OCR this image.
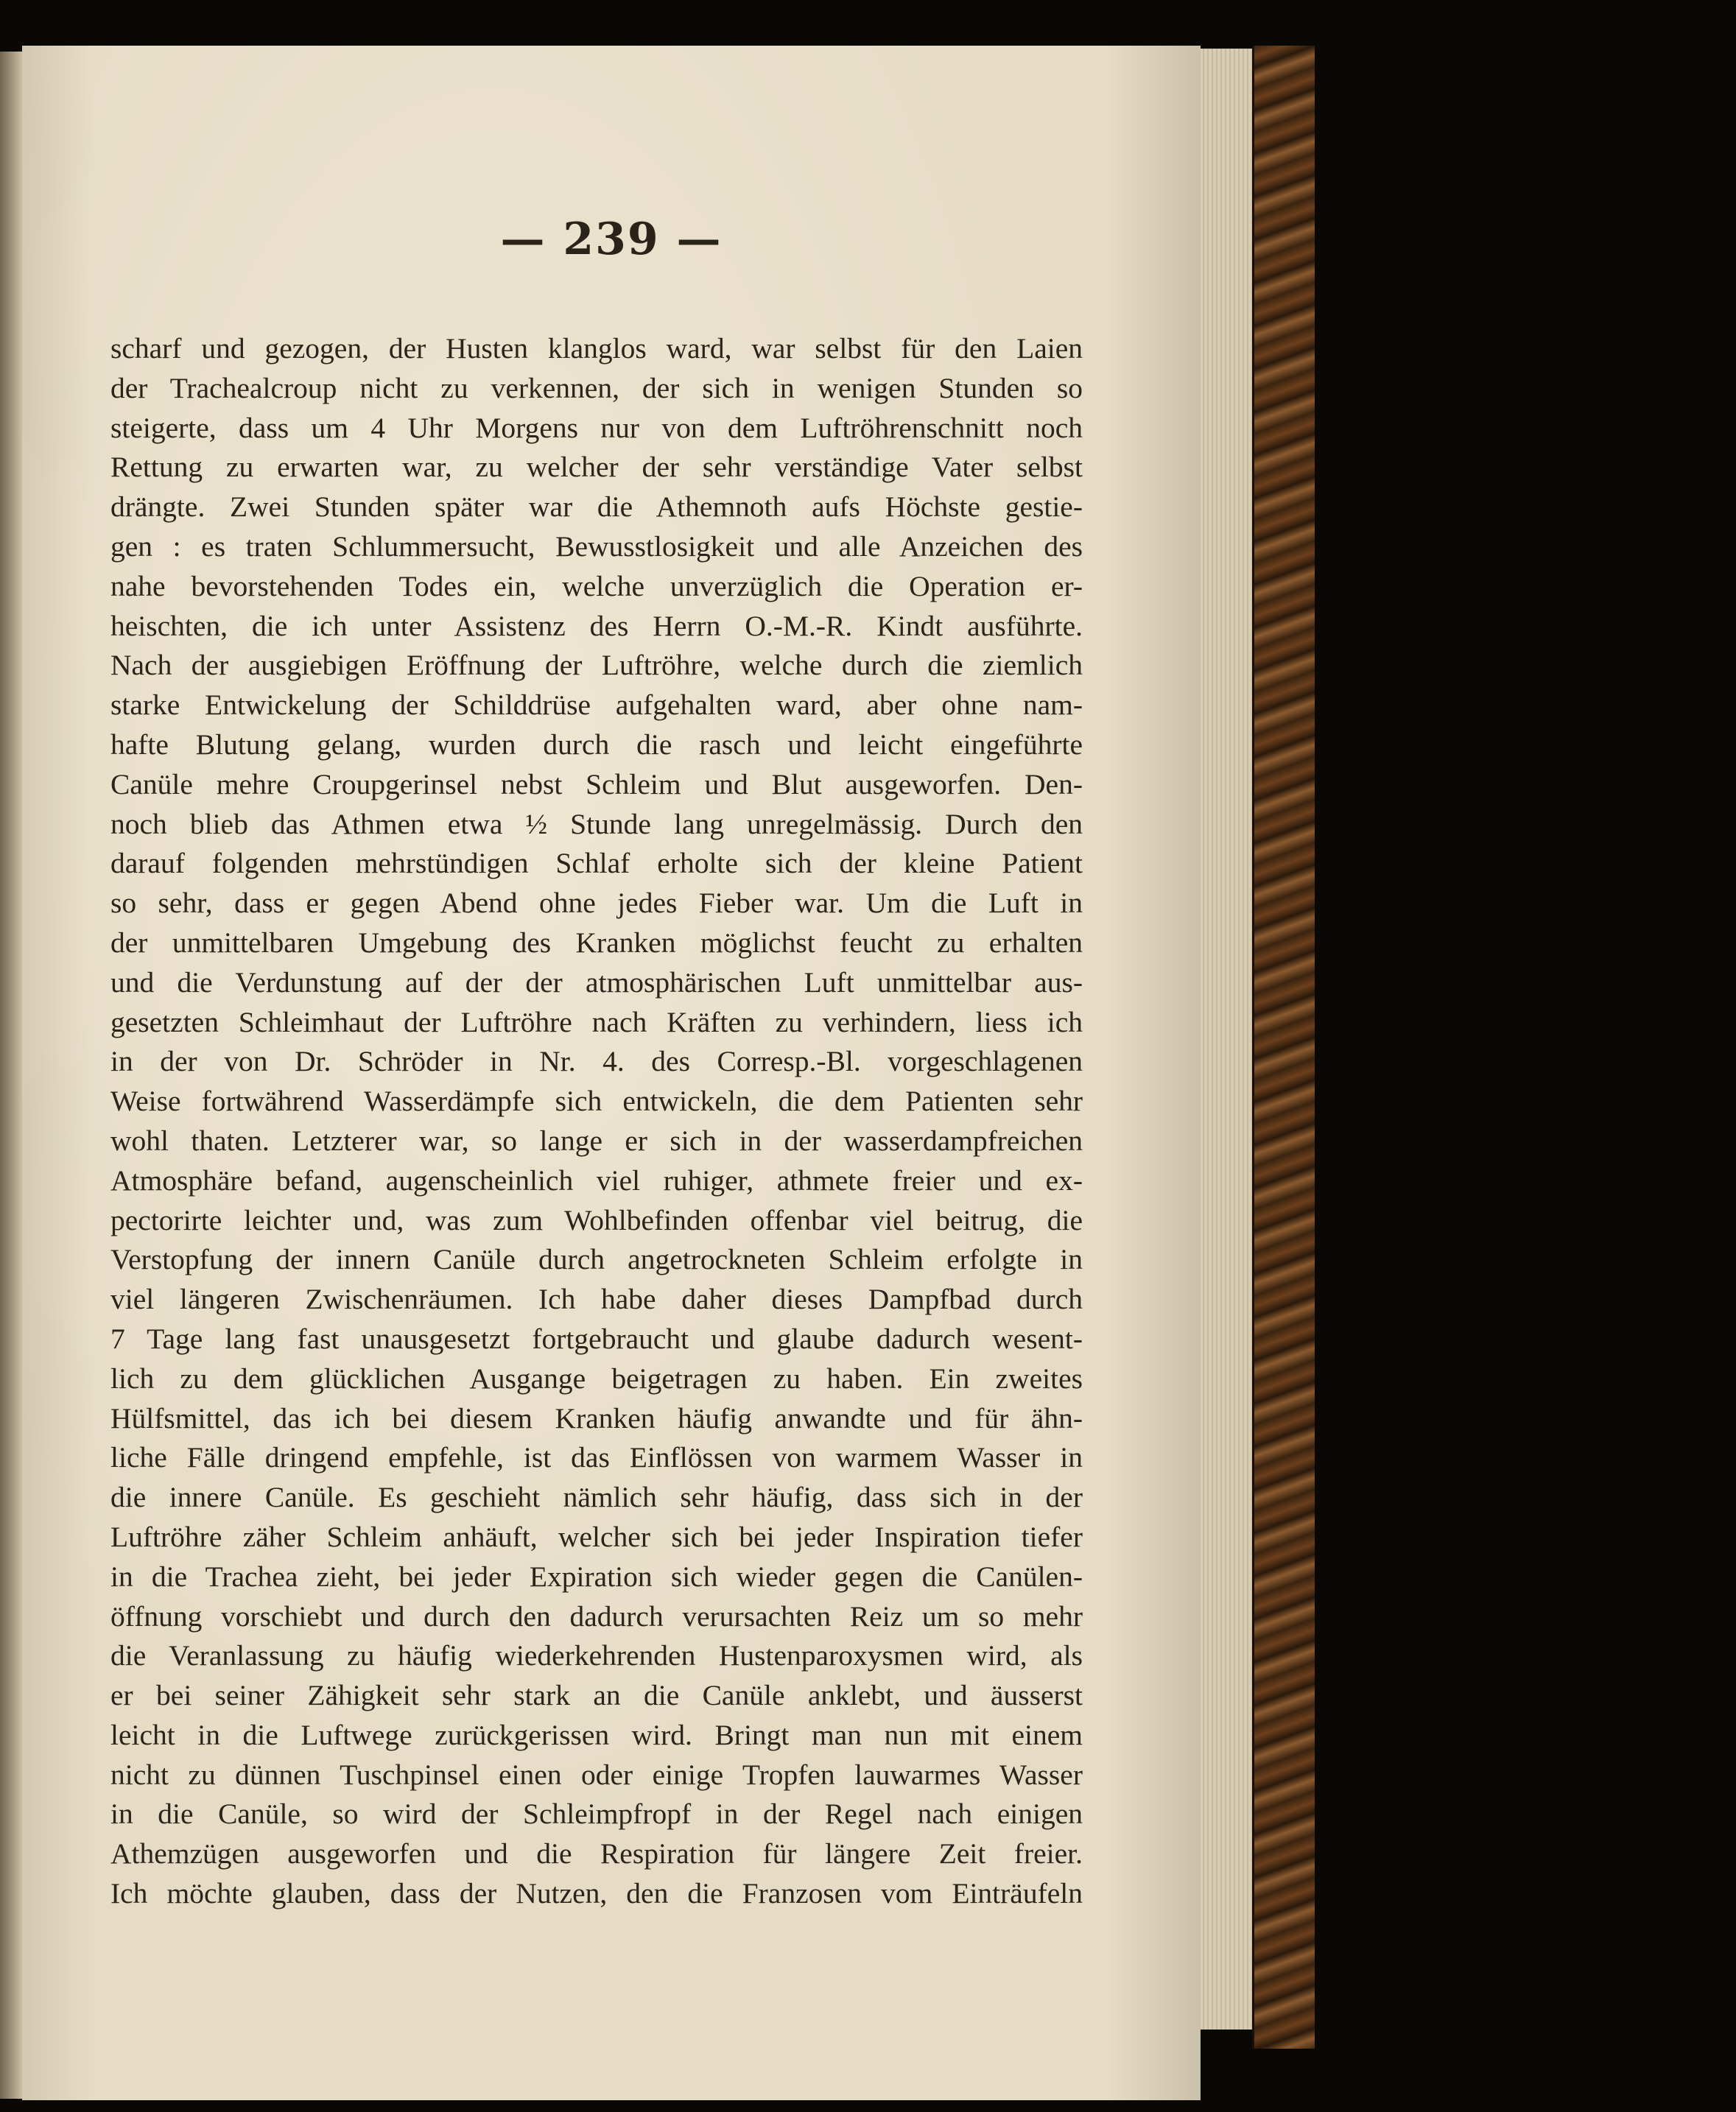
— 239 —
scharf und gezogen, der Husten klanglos ward, war selbst für den Laien
der Trachealcroup nicht zu verkennen, der sich in wenigen Stunden so
steigerte, dass um 4 Uhr Morgens nur von dem Luftröhrenschnitt noch
Rettung zu erwarten war, zu welcher der sehr verständige Vater selbst
drängte. Zwei Stunden später war die Athemnoth aufs Höchste gestie-
gen : es traten Schlummersucht, Bewusstlosigkeit und alle Anzeichen des
nahe bevorstehenden Todes ein, welche unverzüglich die Operation er-
heischten, die ich unter Assistenz des Herrn O.-M.-R. Kindt ausführte.
Nach der ausgiebigen Eröffnung der Luftröhre, welche durch die ziemlich
starke Entwickelung der Schilddrüse aufgehalten ward, aber ohne nam-
hafte Blutung gelang, wurden durch die rasch und leicht eingeführte
Canüle mehre Croupgerinsel nebst Schleim und Blut ausgeworfen. Den-
noch blieb das Athmen etwa ½ Stunde lang unregelmässig. Durch den
darauf folgenden mehrstündigen Schlaf erholte sich der kleine Patient
so sehr, dass er gegen Abend ohne jedes Fieber war. Um die Luft in
der unmittelbaren Umgebung des Kranken möglichst feucht zu erhalten
und die Verdunstung auf der der atmosphärischen Luft unmittelbar aus-
gesetzten Schleimhaut der Luftröhre nach Kräften zu verhindern, liess ich
in der von Dr. Schröder in Nr. 4. des Corresp.-Bl. vorgeschlagenen
Weise fortwährend Wasserdämpfe sich entwickeln, die dem Patienten sehr
wohl thaten. Letzterer war, so lange er sich in der wasserdampfreichen
Atmosphäre befand, augenscheinlich viel ruhiger, athmete freier und ex-
pectorirte leichter und, was zum Wohlbefinden offenbar viel beitrug, die
Verstopfung der innern Canüle durch angetrockneten Schleim erfolgte in
viel längeren Zwischenräumen. Ich habe daher dieses Dampfbad durch
7 Tage lang fast unausgesetzt fortgebraucht und glaube dadurch wesent-
lich zu dem glücklichen Ausgange beigetragen zu haben. Ein zweites
Hülfsmittel, das ich bei diesem Kranken häufig anwandte und für ähn-
liche Fälle dringend empfehle, ist das Einflössen von warmem Wasser in
die innere Canüle. Es geschieht nämlich sehr häufig, dass sich in der
Luftröhre zäher Schleim anhäuft, welcher sich bei jeder Inspiration tiefer
in die Trachea zieht, bei jeder Expiration sich wieder gegen die Canülen-
öffnung vorschiebt und durch den dadurch verursachten Reiz um so mehr
die Veranlassung zu häufig wiederkehrenden Hustenparoxysmen wird, als
er bei seiner Zähigkeit sehr stark an die Canüle anklebt, und äusserst
leicht in die Luftwege zurückgerissen wird. Bringt man nun mit einem
nicht zu dünnen Tuschpinsel einen oder einige Tropfen lauwarmes Wasser
in die Canüle, so wird der Schleimpfropf in der Regel nach einigen
Athemzügen ausgeworfen und die Respiration für längere Zeit freier.
Ich möchte glauben, dass der Nutzen, den die Franzosen vom Einträufeln
